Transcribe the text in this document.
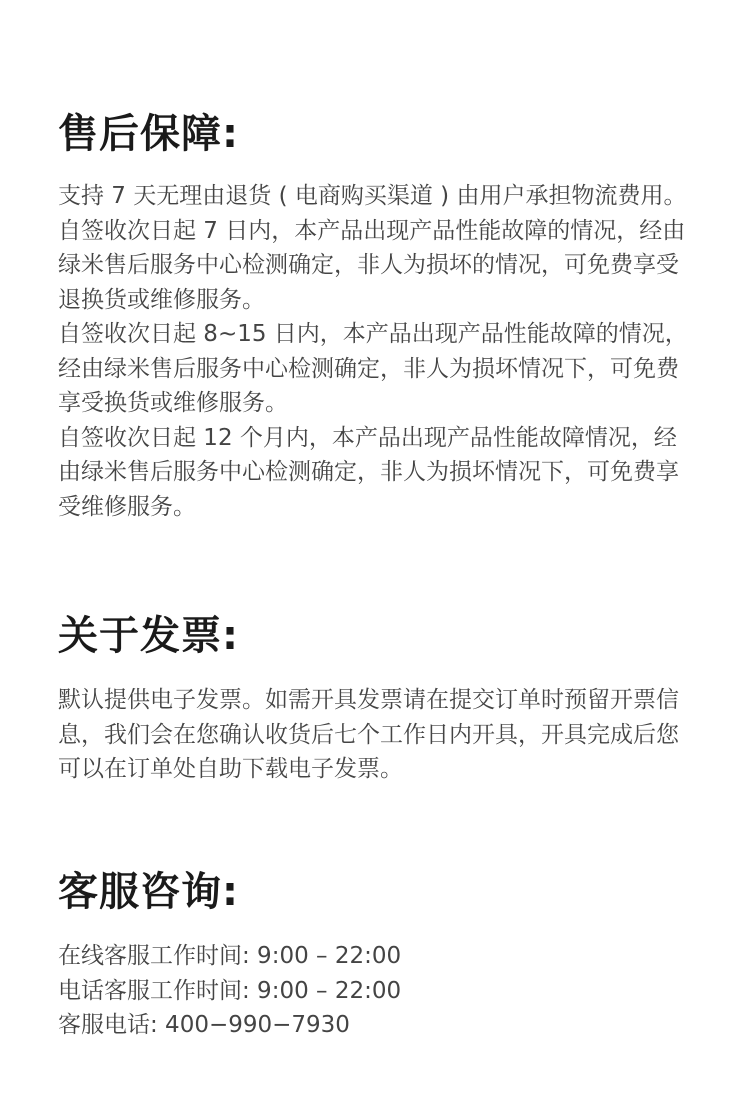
售后保障:

支持 7 天无理由退货 ( 电商购买渠道 ) 由用户承担物流费用。

自签收次日起 7 日内，本产品出现产品性能故障的情况，经由绿米售后服务中心检测确定，非人为损坏的情况，可免费享受退换货或维修服务。

自签收次日起 8~15 日内，本产品出现产品性能故障的情况，经由绿米售后服务中心检测确定，非人为损坏情况下，可免费享受换货或维修服务。

自签收次日起 12 个月内，本产品出现产品性能故障情况，经由绿米售后服务中心检测确定，非人为损坏情况下，可免费享受维修服务。

关于发票:

默认提供电子发票。如需开具发票请在提交订单时预留开票信息，我们会在您确认收货后七个工作日内开具，开具完成后您可以在订单处自助下载电子发票。

客服咨询:

在线客服工作时间: 9:00 – 22:00

电话客服工作时间: 9:00 – 22:00

客服电话: 400−990−7930
